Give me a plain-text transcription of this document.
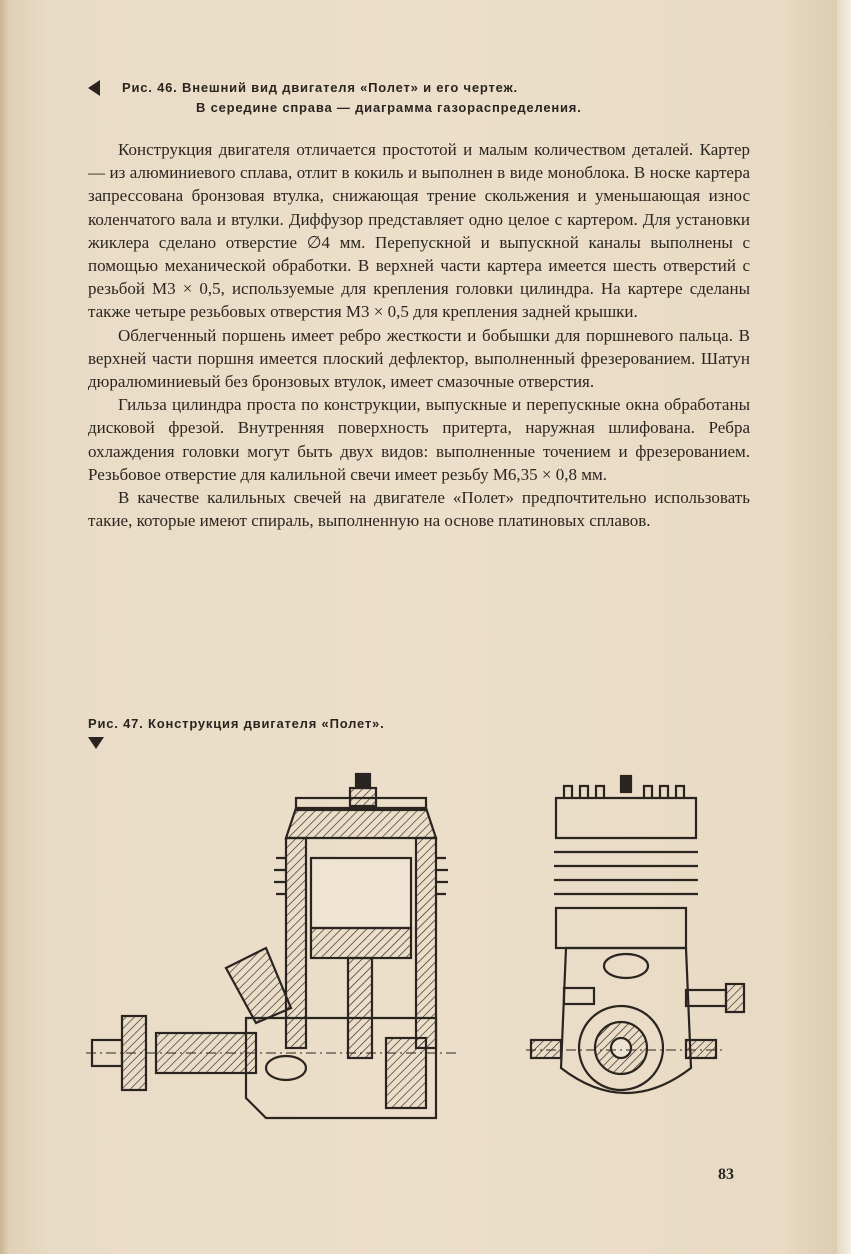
Рис. 46. Внешний вид двигателя «Полет» и его чертеж.
В середине справа — диаграмма газораспределения.

Конструкция двигателя отличается простотой и малым количеством деталей. Картер — из алюминиевого сплава, отлит в кокиль и выполнен в виде моноблока. В носке картера запрессована бронзовая втулка, снижающая трение скольжения и уменьшающая износ коленчатого вала и втулки. Диффузор представляет одно целое с картером. Для установки жиклера сделано отверстие ∅4 мм. Перепускной и выпускной каналы выполнены с помощью механической обработки. В верхней части картера имеется шесть отверстий с резьбой М3 × 0,5, используемые для крепления головки цилиндра. На картере сделаны также четыре резьбовых отверстия М3 × 0,5 для крепления задней крышки.

Облегченный поршень имеет ребро жесткости и бобышки для поршневого пальца. В верхней части поршня имеется плоский дефлектор, выполненный фрезерованием. Шатун дюралюминиевый без бронзовых втулок, имеет смазочные отверстия.

Гильза цилиндра проста по конструкции, выпускные и перепускные окна обработаны дисковой фрезой. Внутренняя поверхность притерта, наружная шлифована. Ребра охлаждения головки могут быть двух видов: выполненные точением и фрезерованием. Резьбовое отверстие для калильной свечи имеет резьбу М6,35 × 0,8 мм.

В качестве калильных свечей на двигателе «Полет» предпочтительно использовать такие, которые имеют спираль, выполненную на основе платиновых сплавов.

Рис. 47. Конструкция двигателя «Полет».
83
